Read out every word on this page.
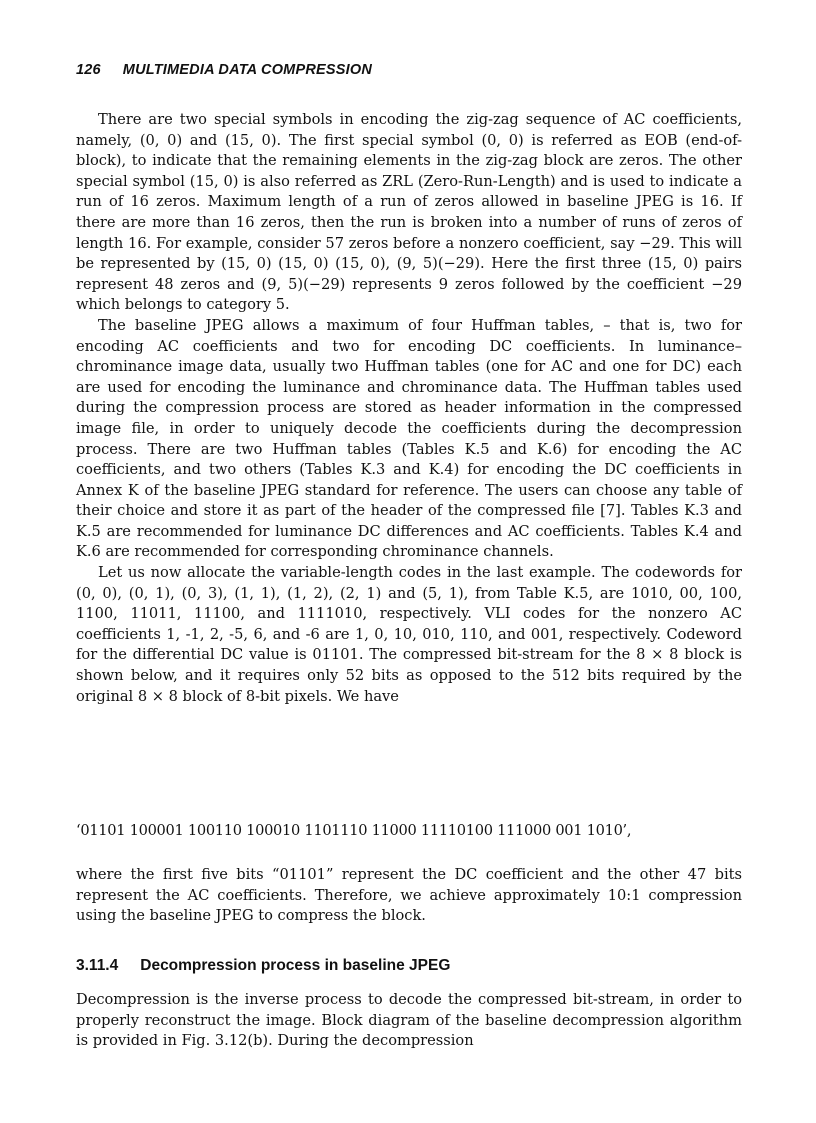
126 MULTIMEDIA DATA COMPRESSION

There are two special symbols in encoding the zig-zag sequence of AC coefficients, namely, (0, 0) and (15, 0). The first special symbol (0, 0) is referred as EOB (end-of-block), to indicate that the remaining elements in the zig-zag block are zeros. The other special symbol (15, 0) is also referred as ZRL (Zero-Run-Length) and is used to indicate a run of 16 zeros. Maximum length of a run of zeros allowed in baseline JPEG is 16. If there are more than 16 zeros, then the run is broken into a number of runs of zeros of length 16. For example, consider 57 zeros before a nonzero coefficient, say −29. This will be represented by (15, 0) (15, 0) (15, 0), (9, 5)(−29). Here the first three (15, 0) pairs represent 48 zeros and (9, 5)(−29) represents 9 zeros followed by the coefficient −29 which belongs to category 5.

The baseline JPEG allows a maximum of four Huffman tables, – that is, two for encoding AC coefficients and two for encoding DC coefficients. In luminance–chrominance image data, usually two Huffman tables (one for AC and one for DC) each are used for encoding the luminance and chrominance data. The Huffman tables used during the compression process are stored as header information in the compressed image file, in order to uniquely decode the coefficients during the decompression process. There are two Huffman tables (Tables K.5 and K.6) for encoding the AC coefficients, and two others (Tables K.3 and K.4) for encoding the DC coefficients in Annex K of the baseline JPEG standard for reference. The users can choose any table of their choice and store it as part of the header of the compressed file [7]. Tables K.3 and K.5 are recommended for luminance DC differences and AC coefficients. Tables K.4 and K.6 are recommended for corresponding chrominance channels.

Let us now allocate the variable-length codes in the last example. The codewords for (0, 0), (0, 1), (0, 3), (1, 1), (1, 2), (2, 1) and (5, 1), from Table K.5, are 1010, 00, 100, 1100, 11011, 11100, and 1111010, respectively. VLI codes for the nonzero AC coefficients 1, -1, 2, -5, 6, and -6 are 1, 0, 10, 010, 110, and 001, respectively. Codeword for the differential DC value is 01101. The compressed bit-stream for the 8 × 8 block is shown below, and it requires only 52 bits as opposed to the 512 bits required by the original 8 × 8 block of 8-bit pixels. We have

‘01101 100001 100110 100010 1101110 11000 11110100 111000 001 1010’,

where the first five bits “01101” represent the DC coefficient and the other 47 bits represent the AC coefficients. Therefore, we achieve approximately 10:1 compression using the baseline JPEG to compress the block.

3.11.4 Decompression process in baseline JPEG

Decompression is the inverse process to decode the compressed bit-stream, in order to properly reconstruct the image. Block diagram of the baseline decompression algorithm is provided in Fig. 3.12(b). During the decompression
